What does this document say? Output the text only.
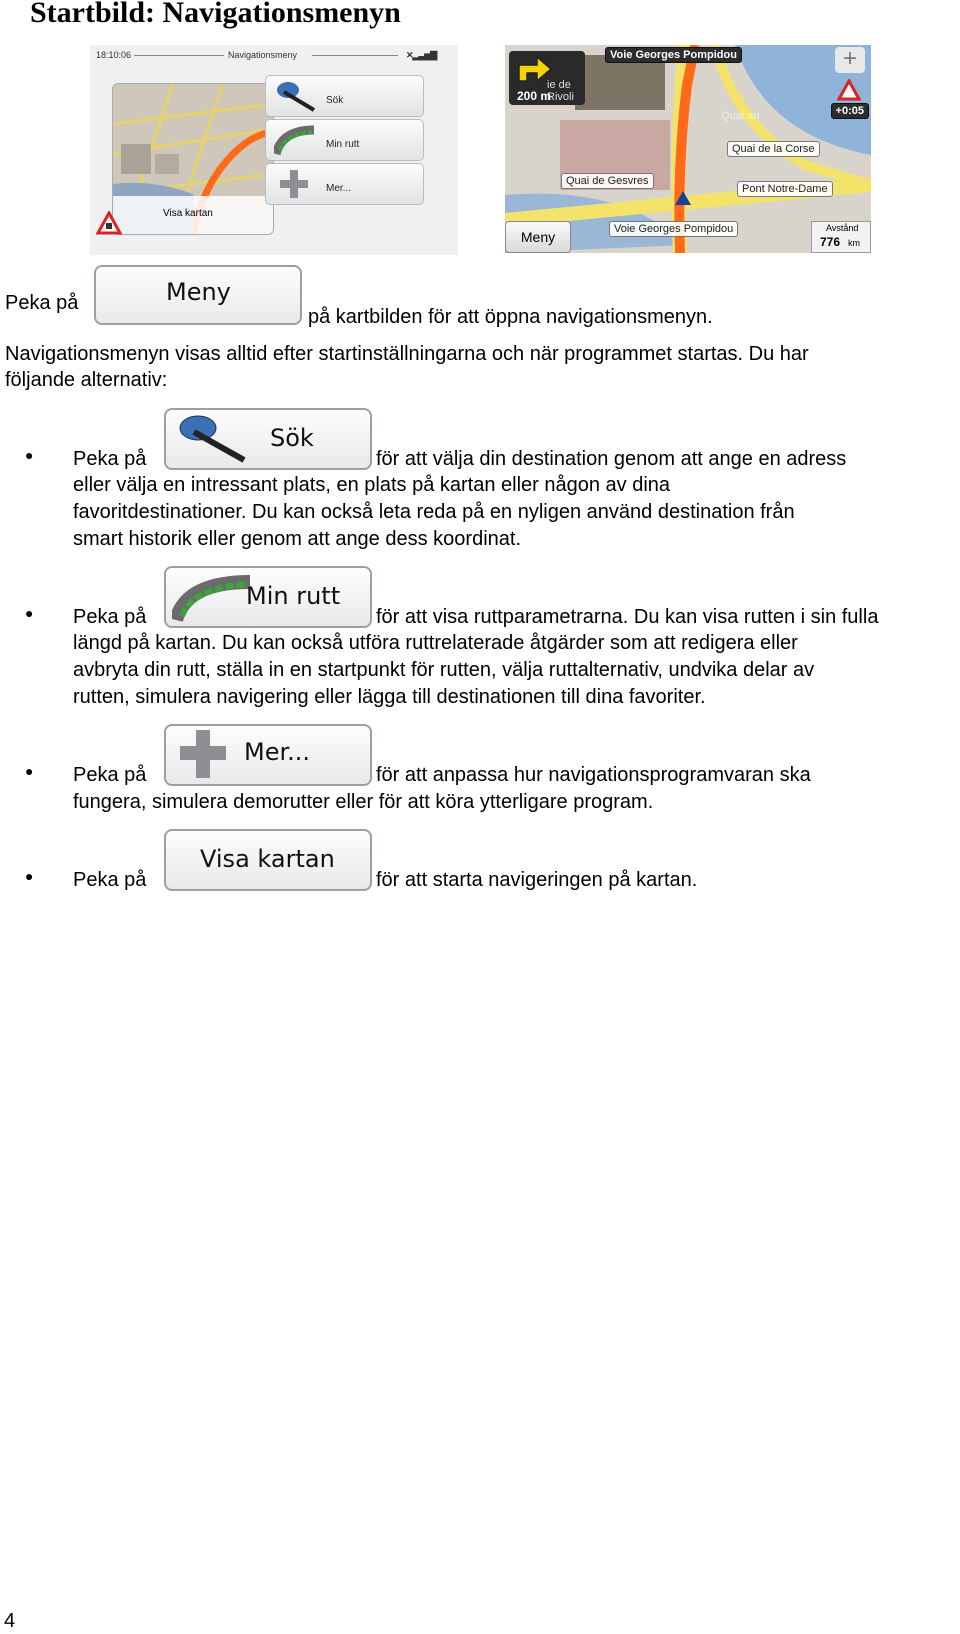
Startbild: Navigationsmenyn
18:10:06	Navigationsmeny	✕▂▃▅▇
Visa kartan
Sök
Min rutt
Mer...
ie de Rivoli
200 m
Voie Georges Pompidou	+
+0:05
Quai au
Quai de la Corse
Quai de Gesvres
Pont Notre-Dame
Meny	Voie Georges Pompidou	Avstånd
776 km
Peka på	Meny
på kartbilden för att öppna navigationsmenyn.
Navigationsmenyn visas alltid efter startinställningarna och när programmet startas. Du har
följande alternativ:
● Peka på
Sök
för att välja din destination genom att ange en adress
eller välja en intressant plats, en plats på kartan eller någon av dina
favoritdestinationer. Du kan också leta reda på en nyligen använd destination från
smart historik eller genom att ange dess koordinat.
● Peka på
Min rutt
för att visa ruttparametrarna. Du kan visa rutten i sin fulla
längd på kartan. Du kan också utföra ruttrelaterade åtgärder som att redigera eller
avbryta din rutt, ställa in en startpunkt för rutten, välja ruttalternativ, undvika delar av
rutten, simulera navigering eller lägga till destinationen till dina favoriter.
● Peka på
Mer...
för att anpassa hur navigationsprogramvaran ska
fungera, simulera demorutter eller för att köra ytterligare program.
● Peka på
Visa kartan
för att starta navigeringen på kartan.
4
